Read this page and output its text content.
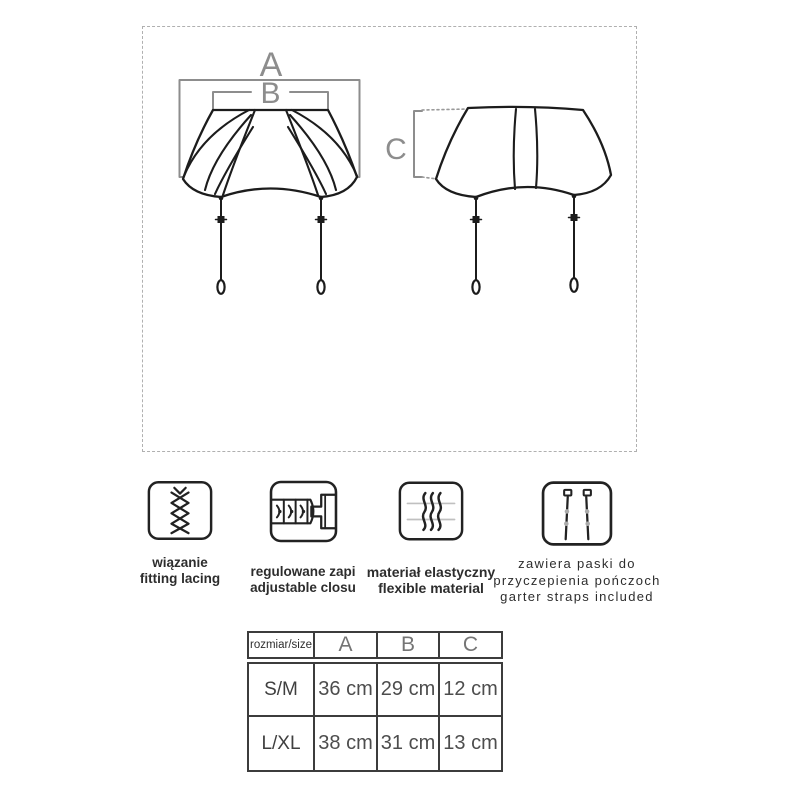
A
B
C
wiązanie
fitting lacing regulowane zapi
adjustable closu
materiał elastyczny
flexible material
zawiera paski do
przyczepienia pończoch
garter straps included
rozmiar/size	A	B	C
S/M	36 cm 29 cm 12 cm
L/XL 38 cm 31 cm 13 cm
